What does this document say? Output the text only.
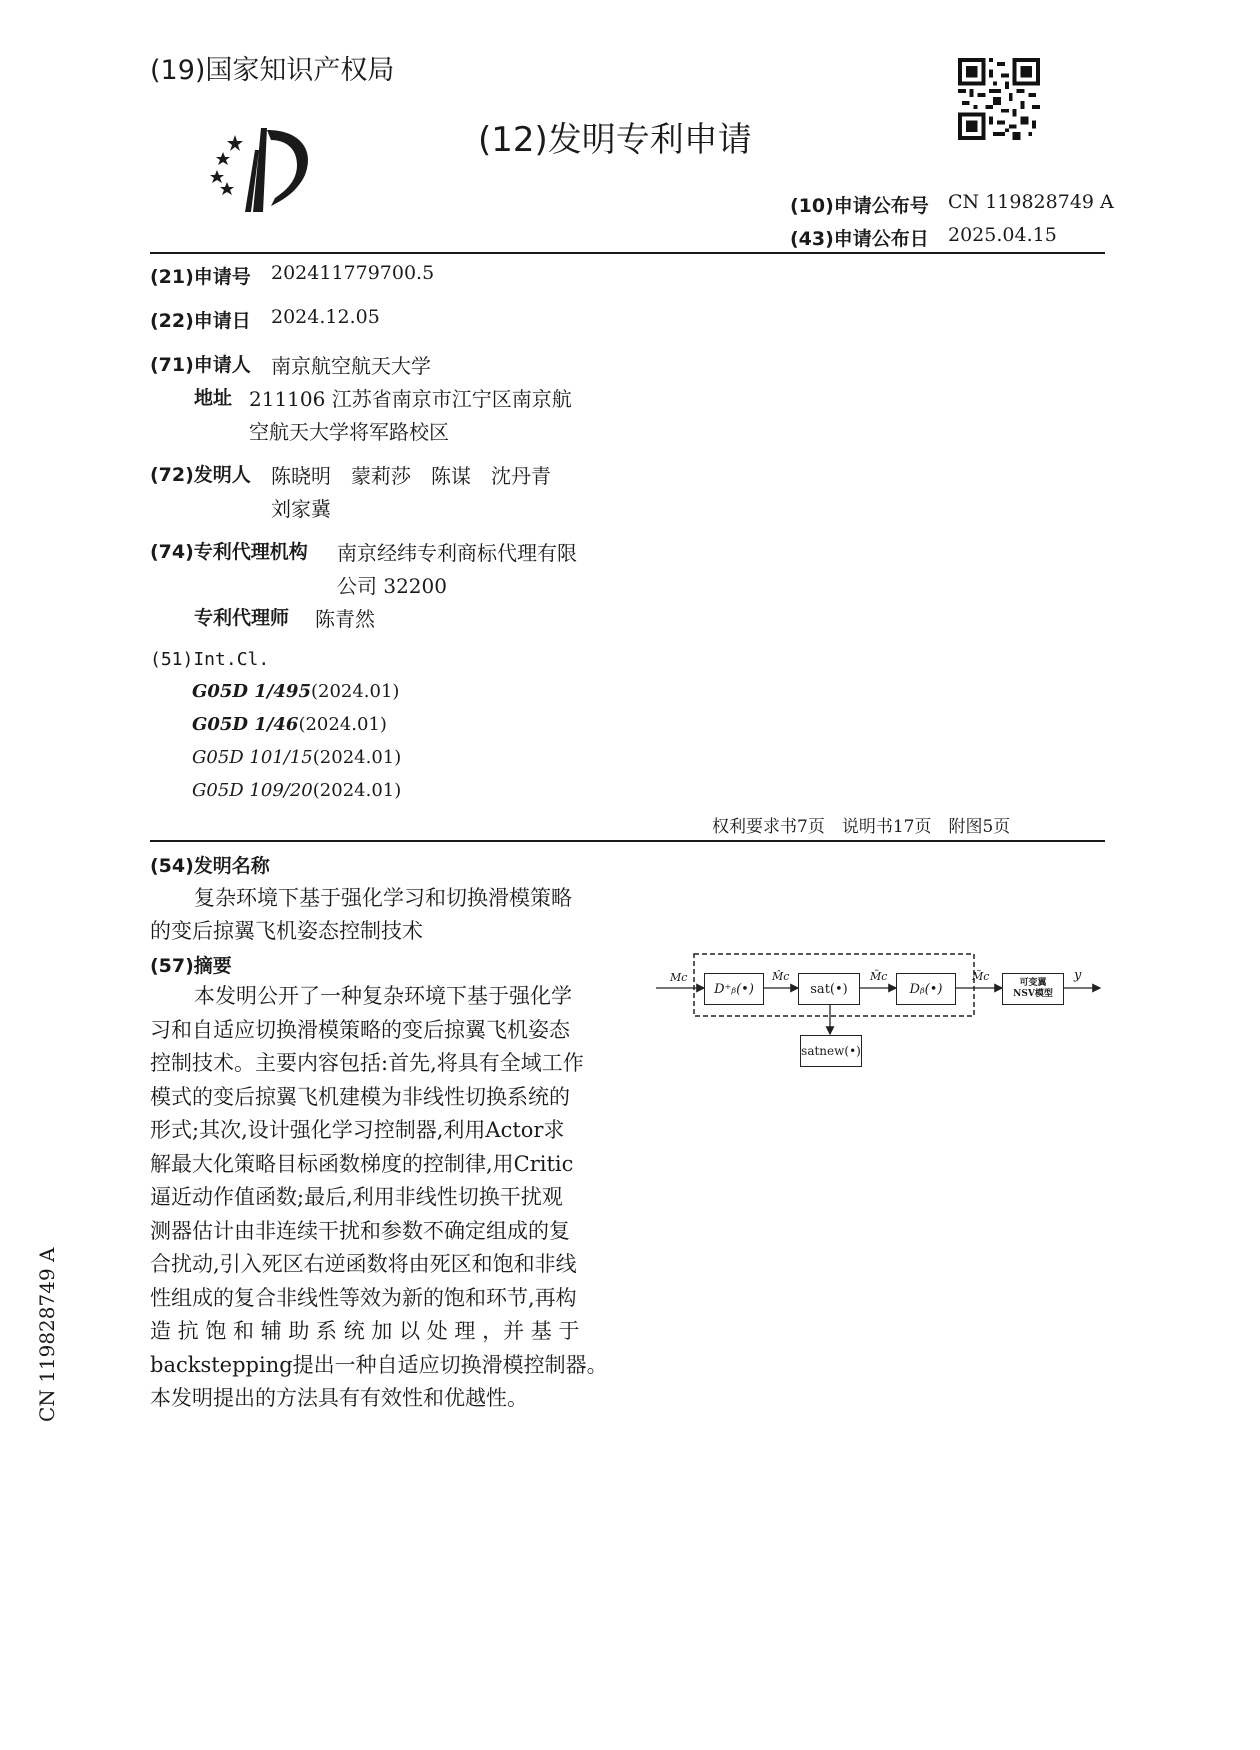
(19)国家知识产权局
(12)发明专利申请
(10)申请公布号 CN 119828749 A
(43)申请公布日 2025.04.15
(21)申请号 202411779700.5
(22)申请日 2024.12.05
(71)申请人 南京航空航天大学
地址 211106 江苏省南京市江宁区南京航
空航天大学将军路校区
(72)发明人 陈晓明　蒙莉莎　陈谋　沈丹青
刘家冀
(74)专利代理机构 南京经纬专利商标代理有限
公司 32200
专利代理师 陈青然
(51)Int.Cl.
G05D 1/495(2024.01)
G05D 1/46(2024.01)
G05D 101/15(2024.01)
G05D 109/20(2024.01)
权利要求书7页　说明书17页　附图5页
(54)发明名称
复杂环境下基于强化学习和切换滑模策略
的变后掠翼飞机姿态控制技术
(57)摘要
本发明公开了一种复杂环境下基于强化学
习和自适应切换滑模策略的变后掠翼飞机姿态
控制技术。主要内容包括:首先,将具有全域工作
模式的变后掠翼飞机建模为非线性切换系统的
形式;其次,设计强化学习控制器,利用Actor求
解最大化策略目标函数梯度的控制律,用Critic
逼近动作值函数;最后,利用非线性切换干扰观
测器估计由非连续干扰和参数不确定组成的复
合扰动,引入死区右逆函数将由死区和饱和非线
性组成的复合非线性等效为新的饱和环节,再构
造 抗 饱 和 辅 助 系 统 加 以 处 理 ，并 基 于
backstepping提出一种自适应切换滑模控制器。
本发明提出的方法具有有效性和优越性。
CN 119828749 A
D⁺ᵦ(•)	sat(•)	Dᵦ(•)	可变翼
NSV模型
satnew(•)
Mc	M̂c	M̄c	M̃c	y
